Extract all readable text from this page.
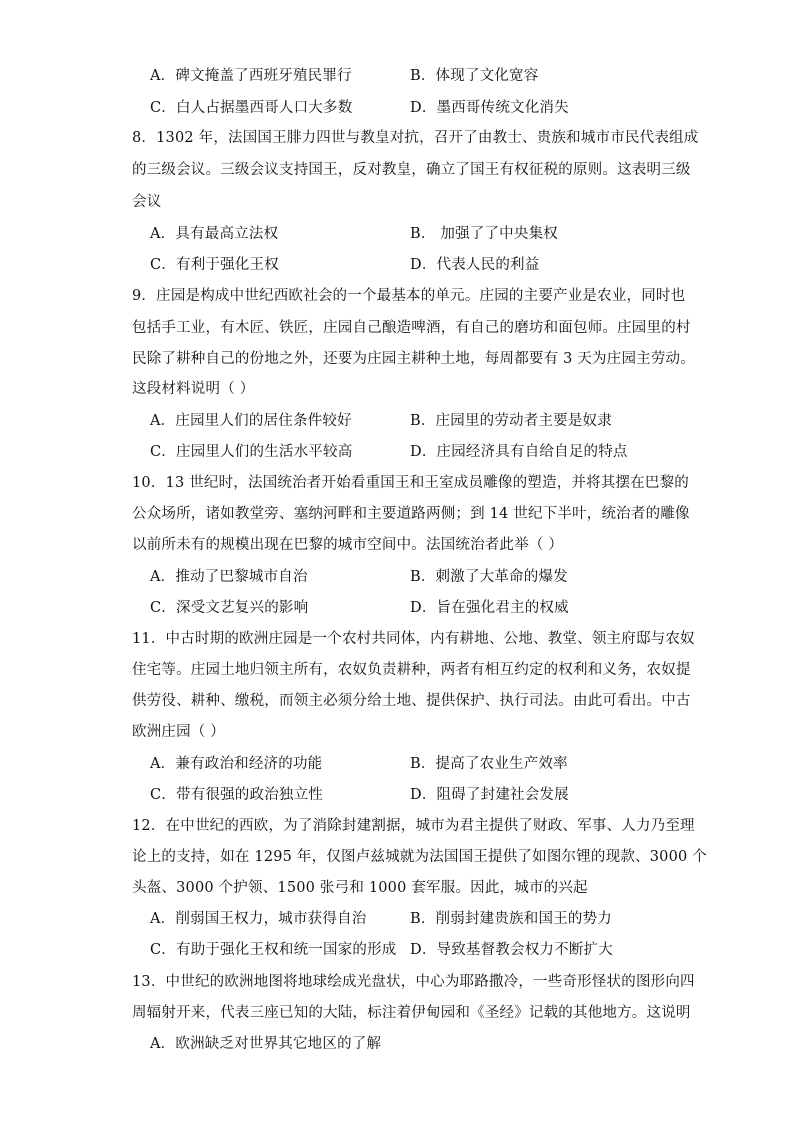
A．碑文掩盖了西班牙殖民罪行	B．体现了文化宽容
C．白人占据墨西哥人口大多数	D．墨西哥传统文化消失
8．1302 年，法国国王腓力四世与教皇对抗，召开了由教士、贵族和城市市民代表组成
的三级会议。三级会议支持国王，反对教皇，确立了国王有权征税的原则。这表明三级
会议
A．具有最高立法权	B． 加强了了中央集权
C．有利于强化王权	D．代表人民的利益
9．庄园是构成中世纪西欧社会的一个最基本的单元。庄园的主要产业是农业，同时也
包括手工业，有木匠、铁匠，庄园自己酿造啤酒，有自己的磨坊和面包师。庄园里的村
民除了耕种自己的份地之外，还要为庄园主耕种土地，每周都要有 3 天为庄园主劳动。
这段材料说明（ ）
A．庄园里人们的居住条件较好	B．庄园里的劳动者主要是奴隶
C．庄园里人们的生活水平较高	D．庄园经济具有自给自足的特点
10．13 世纪时，法国统治者开始看重国王和王室成员雕像的塑造，并将其摆在巴黎的
公众场所，诸如教堂旁、塞纳河畔和主要道路两侧；到 14 世纪下半叶，统治者的雕像
以前所未有的规模出现在巴黎的城市空间中。法国统治者此举（ ）
A．推动了巴黎城市自治	B．刺激了大革命的爆发
C．深受文艺复兴的影响	D．旨在强化君主的权威
11．中古时期的欧洲庄园是一个农村共同体，内有耕地、公地、教堂、领主府邸与农奴
住宅等。庄园土地归领主所有，农奴负责耕种，两者有相互约定的权利和义务，农奴提
供劳役、耕种、缴税，而领主必须分给土地、提供保护、执行司法。由此可看出。中古
欧洲庄园（ ）
A．兼有政治和经济的功能	B．提高了农业生产效率
C．带有很强的政治独立性	D．阻碍了封建社会发展
12．在中世纪的西欧，为了消除封建割据，城市为君主提供了财政、军事、人力乃至理
论上的支持，如在 1295 年，仅图卢兹城就为法国国王提供了如图尔锂的现款、3000 个
头盔、3000 个护领、1500 张弓和 1000 套军服。因此，城市的兴起
A．削弱国王权力，城市获得自治	B．削弱封建贵族和国王的势力
C．有助于强化王权和统一国家的形成 D．导致基督教会权力不断扩大
13．中世纪的欧洲地图将地球绘成光盘状，中心为耶路撒冷，一些奇形怪状的图形向四
周辐射开来，代表三座已知的大陆，标注着伊甸园和《圣经》记载的其他地方。这说明
A．欧洲缺乏对世界其它地区的了解
